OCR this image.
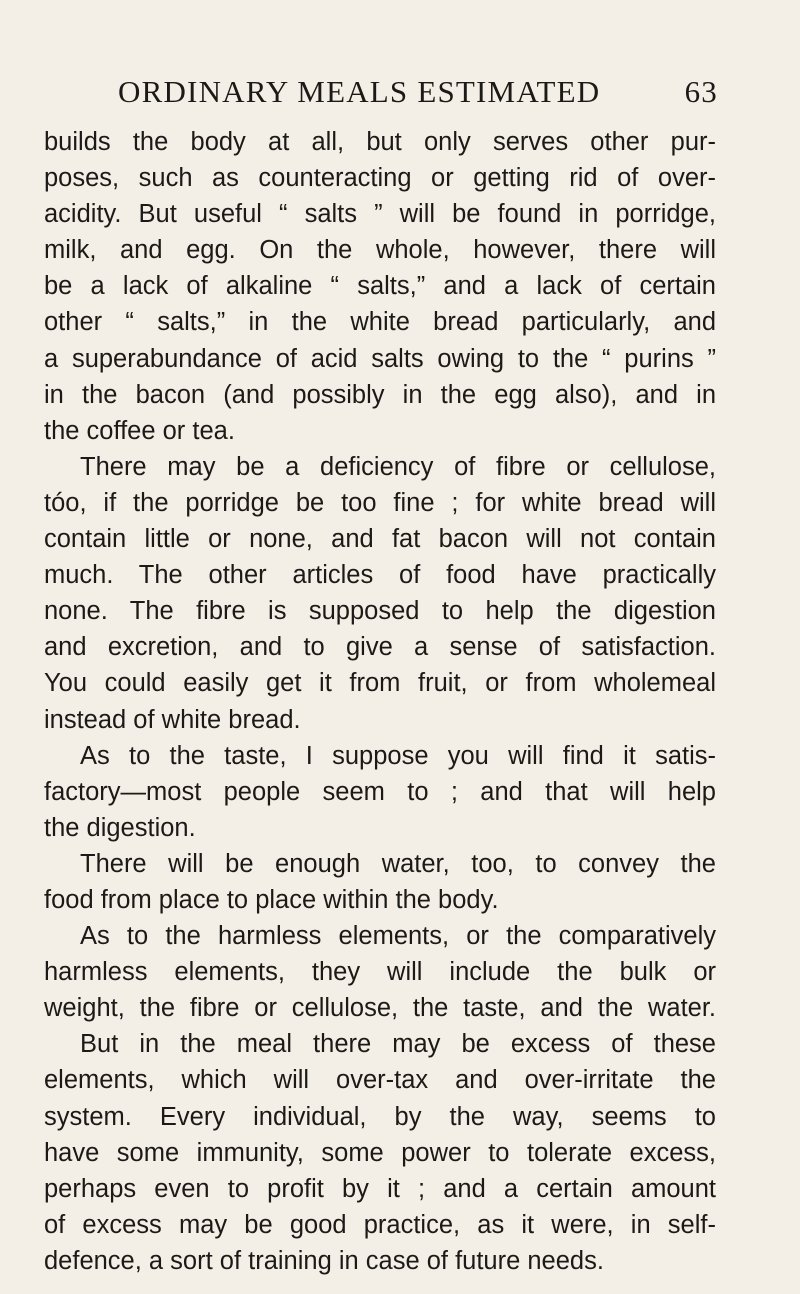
ORDINARY MEALS ESTIMATED	63
builds the body at all, but only serves other pur-
poses, such as counteracting or getting rid of over-
acidity. But useful “ salts ” will be found in porridge,
milk, and egg. On the whole, however, there will
be a lack of alkaline “ salts,” and a lack of certain
other “ salts,” in the white bread particularly, and
a superabundance of acid salts owing to the “ purins ”
in the bacon (and possibly in the egg also), and in
the coffee or tea.
There may be a deficiency of fibre or cellulose,
tóo, if the porridge be too fine ; for white bread will
contain little or none, and fat bacon will not contain
much. The other articles of food have practically
none. The fibre is supposed to help the digestion
and excretion, and to give a sense of satisfaction.
You could easily get it from fruit, or from wholemeal
instead of white bread.
As to the taste, I suppose you will find it satis-
factory—most people seem to ; and that will help
the digestion.
There will be enough water, too, to convey the
food from place to place within the body.
As to the harmless elements, or the comparatively
harmless elements, they will include the bulk or
weight, the fibre or cellulose, the taste, and the water.
But in the meal there may be excess of these
elements, which will over-tax and over-irritate the
system. Every individual, by the way, seems to
have some immunity, some power to tolerate excess,
perhaps even to profit by it ; and a certain amount
of excess may be good practice, as it were, in self-
defence, a sort of training in case of future needs.
